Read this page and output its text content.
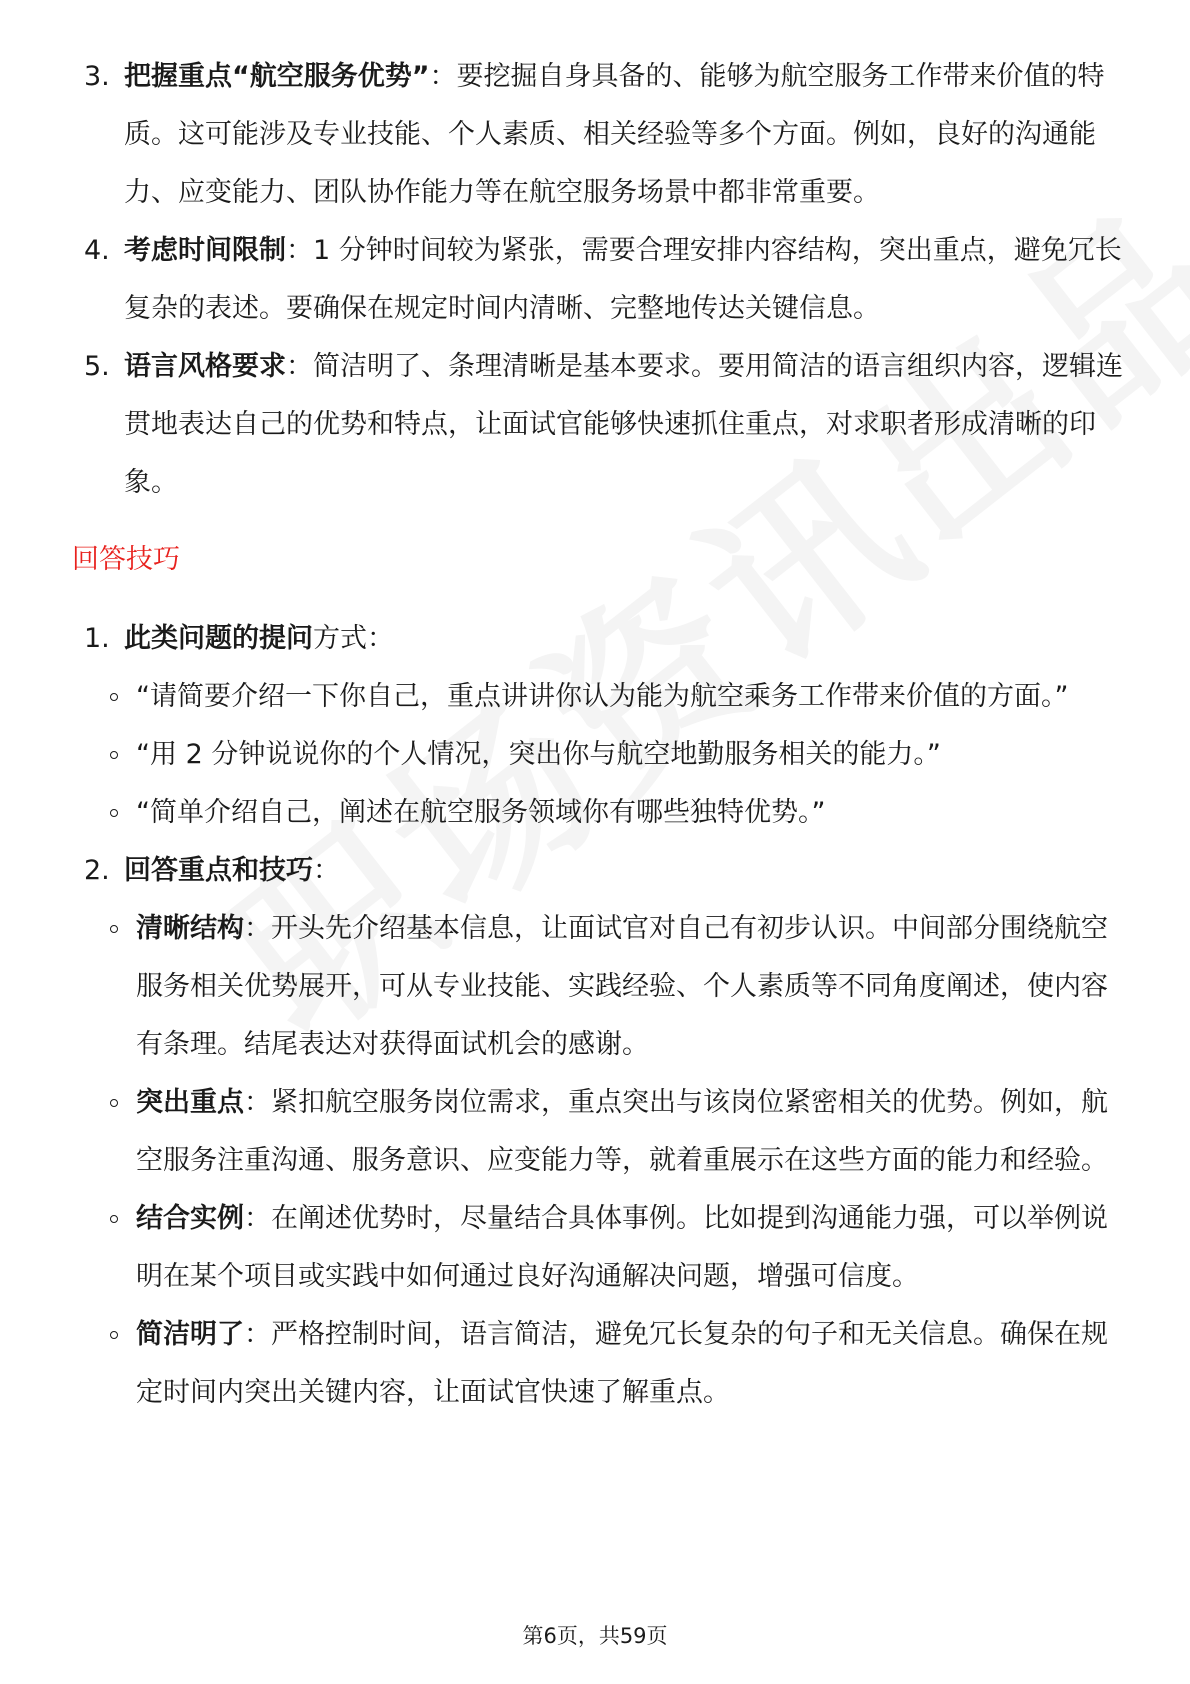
3. 把握重点“航空服务优势”：要挖掘自身具备的、能够为航空服务工作带来价值的特质。这可能涉及专业技能、个人素质、相关经验等多个方面。例如，良好的沟通能力、应变能力、团队协作能力等在航空服务场景中都非常重要。

4. 考虑时间限制：1 分钟时间较为紧张，需要合理安排内容结构，突出重点，避免冗长复杂的表述。要确保在规定时间内清晰、完整地传达关键信息。

5. 语言风格要求：简洁明了、条理清晰是基本要求。要用简洁的语言组织内容，逻辑连贯地表达自己的优势和特点，让面试官能够快速抓住重点，对求职者形成清晰的印象。

回答技巧

1. 此类问题的提问方式：

“请简要介绍一下你自己，重点讲讲你认为能为航空乘务工作带来价值的方面。”

“用 2 分钟说说你的个人情况，突出你与航空地勤服务相关的能力。”

“简单介绍自己，阐述在航空服务领域你有哪些独特优势。”

2. 回答重点和技巧：

清晰结构：开头先介绍基本信息，让面试官对自己有初步认识。中间部分围绕航空服务相关优势展开，可从专业技能、实践经验、个人素质等不同角度阐述，使内容有条理。结尾表达对获得面试机会的感谢。

突出重点：紧扣航空服务岗位需求，重点突出与该岗位紧密相关的优势。例如，航空服务注重沟通、服务意识、应变能力等，就着重展示在这些方面的能力和经验。

结合实例：在阐述优势时，尽量结合具体事例。比如提到沟通能力强，可以举例说明在某个项目或实践中如何通过良好沟通解决问题，增强可信度。

简洁明了：严格控制时间，语言简洁，避免冗长复杂的句子和无关信息。确保在规定时间内突出关键内容，让面试官快速了解重点。

第6页，共59页
